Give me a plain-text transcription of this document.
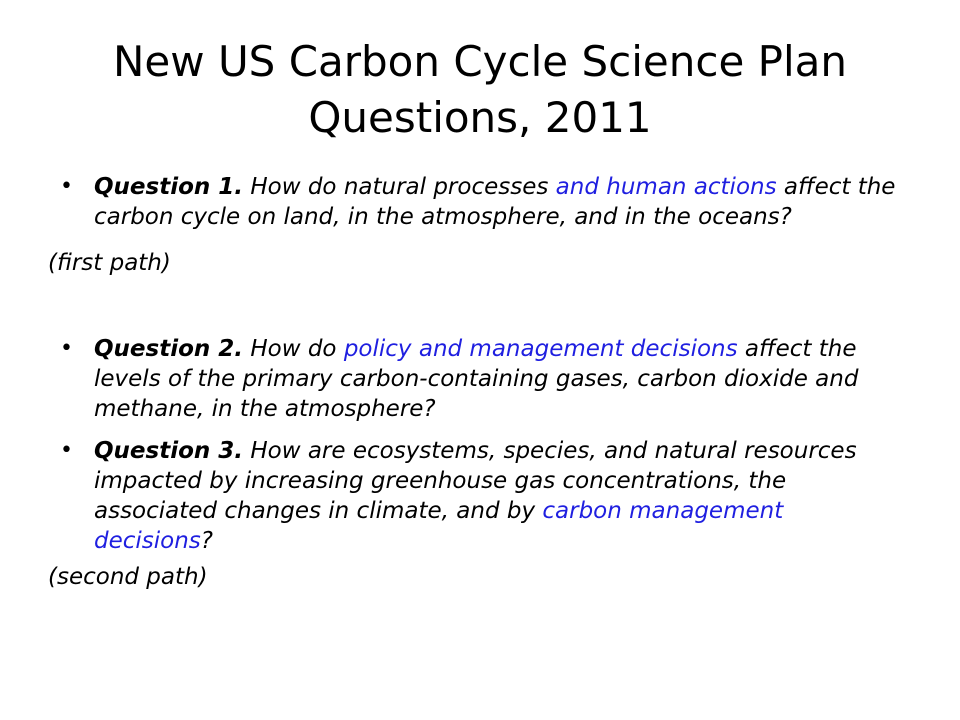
New US Carbon Cycle Science Plan
Questions, 2011

• Question 1. How do natural processes and human actions affect the carbon cycle on land, in the atmosphere, and in the oceans?

(first path)

• Question 2. How do policy and management decisions affect the levels of the primary carbon-containing gases, carbon dioxide and methane, in the atmosphere?

• Question 3. How are ecosystems, species, and natural resources impacted by increasing greenhouse gas concentrations, the associated changes in climate, and by carbon management decisions?

(second path)
